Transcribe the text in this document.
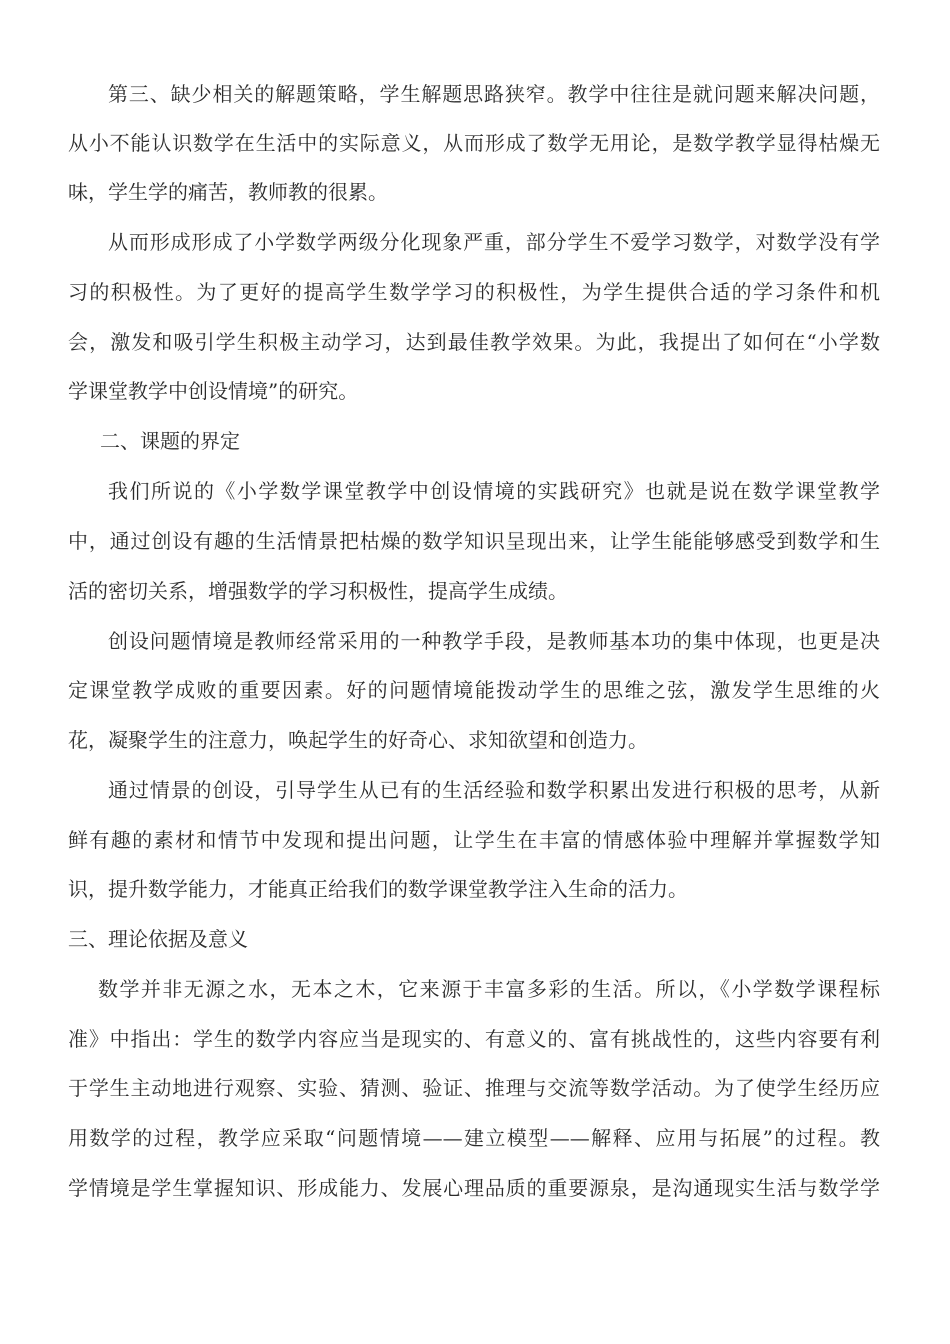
第三、缺少相关的解题策略，学生解题思路狭窄。教学中往往是就问题来解决问题，
从小不能认识数学在生活中的实际意义，从而形成了数学无用论，是数学教学显得枯燥无
味，学生学的痛苦，教师教的很累。
从而形成形成了小学数学两级分化现象严重，部分学生不爱学习数学，对数学没有学
习的积极性。为了更好的提高学生数学学习的积极性，为学生提供合适的学习条件和机
会，激发和吸引学生积极主动学习，达到最佳教学效果。为此，我提出了如何在“小学数
学课堂教学中创设情境”的研究。
二、课题的界定
我们所说的《小学数学课堂教学中创设情境的实践研究》也就是说在数学课堂教学
中，通过创设有趣的生活情景把枯燥的数学知识呈现出来，让学生能能够感受到数学和生
活的密切关系，增强数学的学习积极性，提高学生成绩。
创设问题情境是教师经常采用的一种教学手段，是教师基本功的集中体现，也更是决
定课堂教学成败的重要因素。好的问题情境能拨动学生的思维之弦，激发学生思维的火
花，凝聚学生的注意力，唤起学生的好奇心、求知欲望和创造力。
通过情景的创设，引导学生从已有的生活经验和数学积累出发进行积极的思考，从新
鲜有趣的素材和情节中发现和提出问题，让学生在丰富的情感体验中理解并掌握数学知
识，提升数学能力，才能真正给我们的数学课堂教学注入生命的活力。
三、理论依据及意义
数学并非无源之水，无本之木，它来源于丰富多彩的生活。所以，《小学数学课程标
准》中指出：学生的数学内容应当是现实的、有意义的、富有挑战性的，这些内容要有利
于学生主动地进行观察、实验、猜测、验证、推理与交流等数学活动。为了使学生经历应
用数学的过程，教学应采取“问题情境——建立模型——解释、应用与拓展”的过程。教
学情境是学生掌握知识、形成能力、发展心理品质的重要源泉，是沟通现实生活与数学学
